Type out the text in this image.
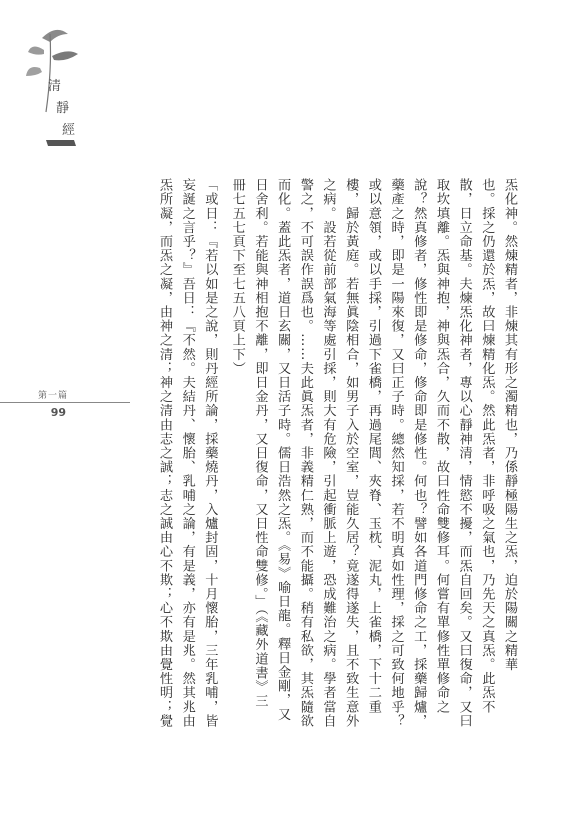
清
靜
經
第一篇
99	炁化神。然煉精者，非煉其有形之濁精也，乃係靜極陽生之炁，迫於陽關之精華
也。採之仍還於炁，故曰煉精化炁。然此炁者，非呼吸之氣也，乃先天之真炁。此炁不
散，日立命基。夫煉炁化神者，專以心靜神清，情慾不擾，而炁自回矣。又曰復命，又曰
取坎填離。炁與神抱，神與炁合，久而不散，故曰性命雙修耳。何嘗有單修性單修命之
說？然真修者，修性即是修命，修命即是修性。何也？譬如各道門修命之工，採藥歸爐，
藥產之時，即是一陽來復，又曰正子時。總然知採，若不明真如性理，採之可致何地乎？
或以意領，或以手採，引過下雀橋，再過尾閭、夾脊、玉枕、泥丸，上雀橋，下十二重
樓，歸於黃庭。若無眞陰相合，如男子入於空室，豈能久居？竟遂得遂失，且不致生意外
之病。設若從前部氣海等處引採，則大有危險，引起衝脈上遊，恐成難治之病。學者當自
警之，不可誤作誤爲也。……夫此眞炁者，非義精仁熟，而不能攝。稍有私欲，其炁隨欲
而化。蓋此炁者，道日玄關，又日活子時。儒日浩然之炁。《易》喻日龍。釋日金剛，又
日舍利。若能與神相抱不離，即日金丹，又日復命，又日性命雙修。」（《藏外道書》三
冊七五七頁下至七五八頁上下）
「或日：『若以如是之說，則丹經所論，採藥燒丹，入爐封固，十月懷胎，三年乳哺，皆
妄誕之言乎？』吾日：『不然。夫結丹、懷胎、乳哺之論，有是義，亦有是兆。然其兆由
炁所凝，而炁之凝，由神之清；神之清由志之誠；志之誠由心不欺；心不欺由覺性明；覺
